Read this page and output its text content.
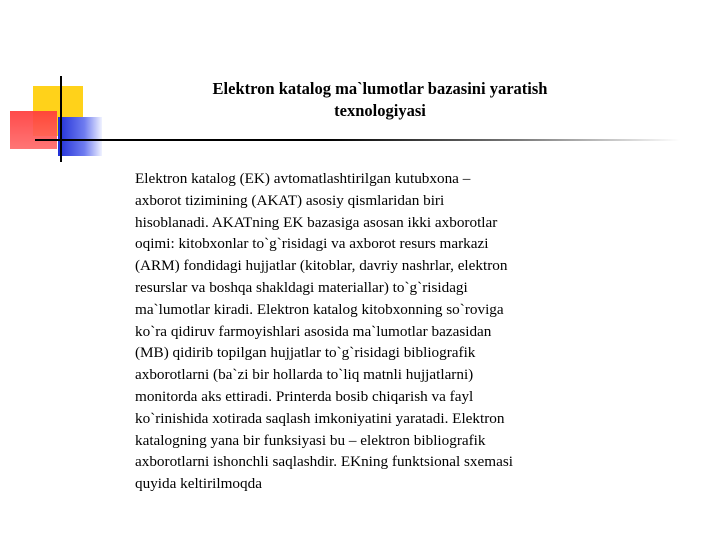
Elektron katalog ma`lumotlar bazasini yaratish
texnologiyasi
Elektron katalog (EK) avtomatlashtirilgan kutubxona –
axborot tizimining (AKAT) asosiy qismlaridan biri
hisoblanadi. AKATning EK bazasiga asosan ikki axborotlar
oqimi: kitobxonlar to`g`risidagi va axborot resurs markazi
(ARM) fondidagi hujjatlar (kitoblar, davriy nashrlar, elektron
resurslar va boshqa shakldagi materiallar) to`g`risidagi
ma`lumotlar kiradi. Elektron katalog kitobxonning so`roviga
ko`ra qidiruv farmoyishlari asosida ma`lumotlar bazasidan
(MB) qidirib topilgan hujjatlar to`g`risidagi bibliografik
axborotlarni (ba`zi bir hollarda to`liq matnli hujjatlarni)
monitorda aks ettiradi. Printerda bosib chiqarish va fayl
ko`rinishida xotirada saqlash imkoniyatini yaratadi. Elektron
katalogning yana bir funksiyasi bu – elektron bibliografik
axborotlarni ishonchli saqlashdir. EKning funktsional sxemasi
quyida keltirilmoqda
